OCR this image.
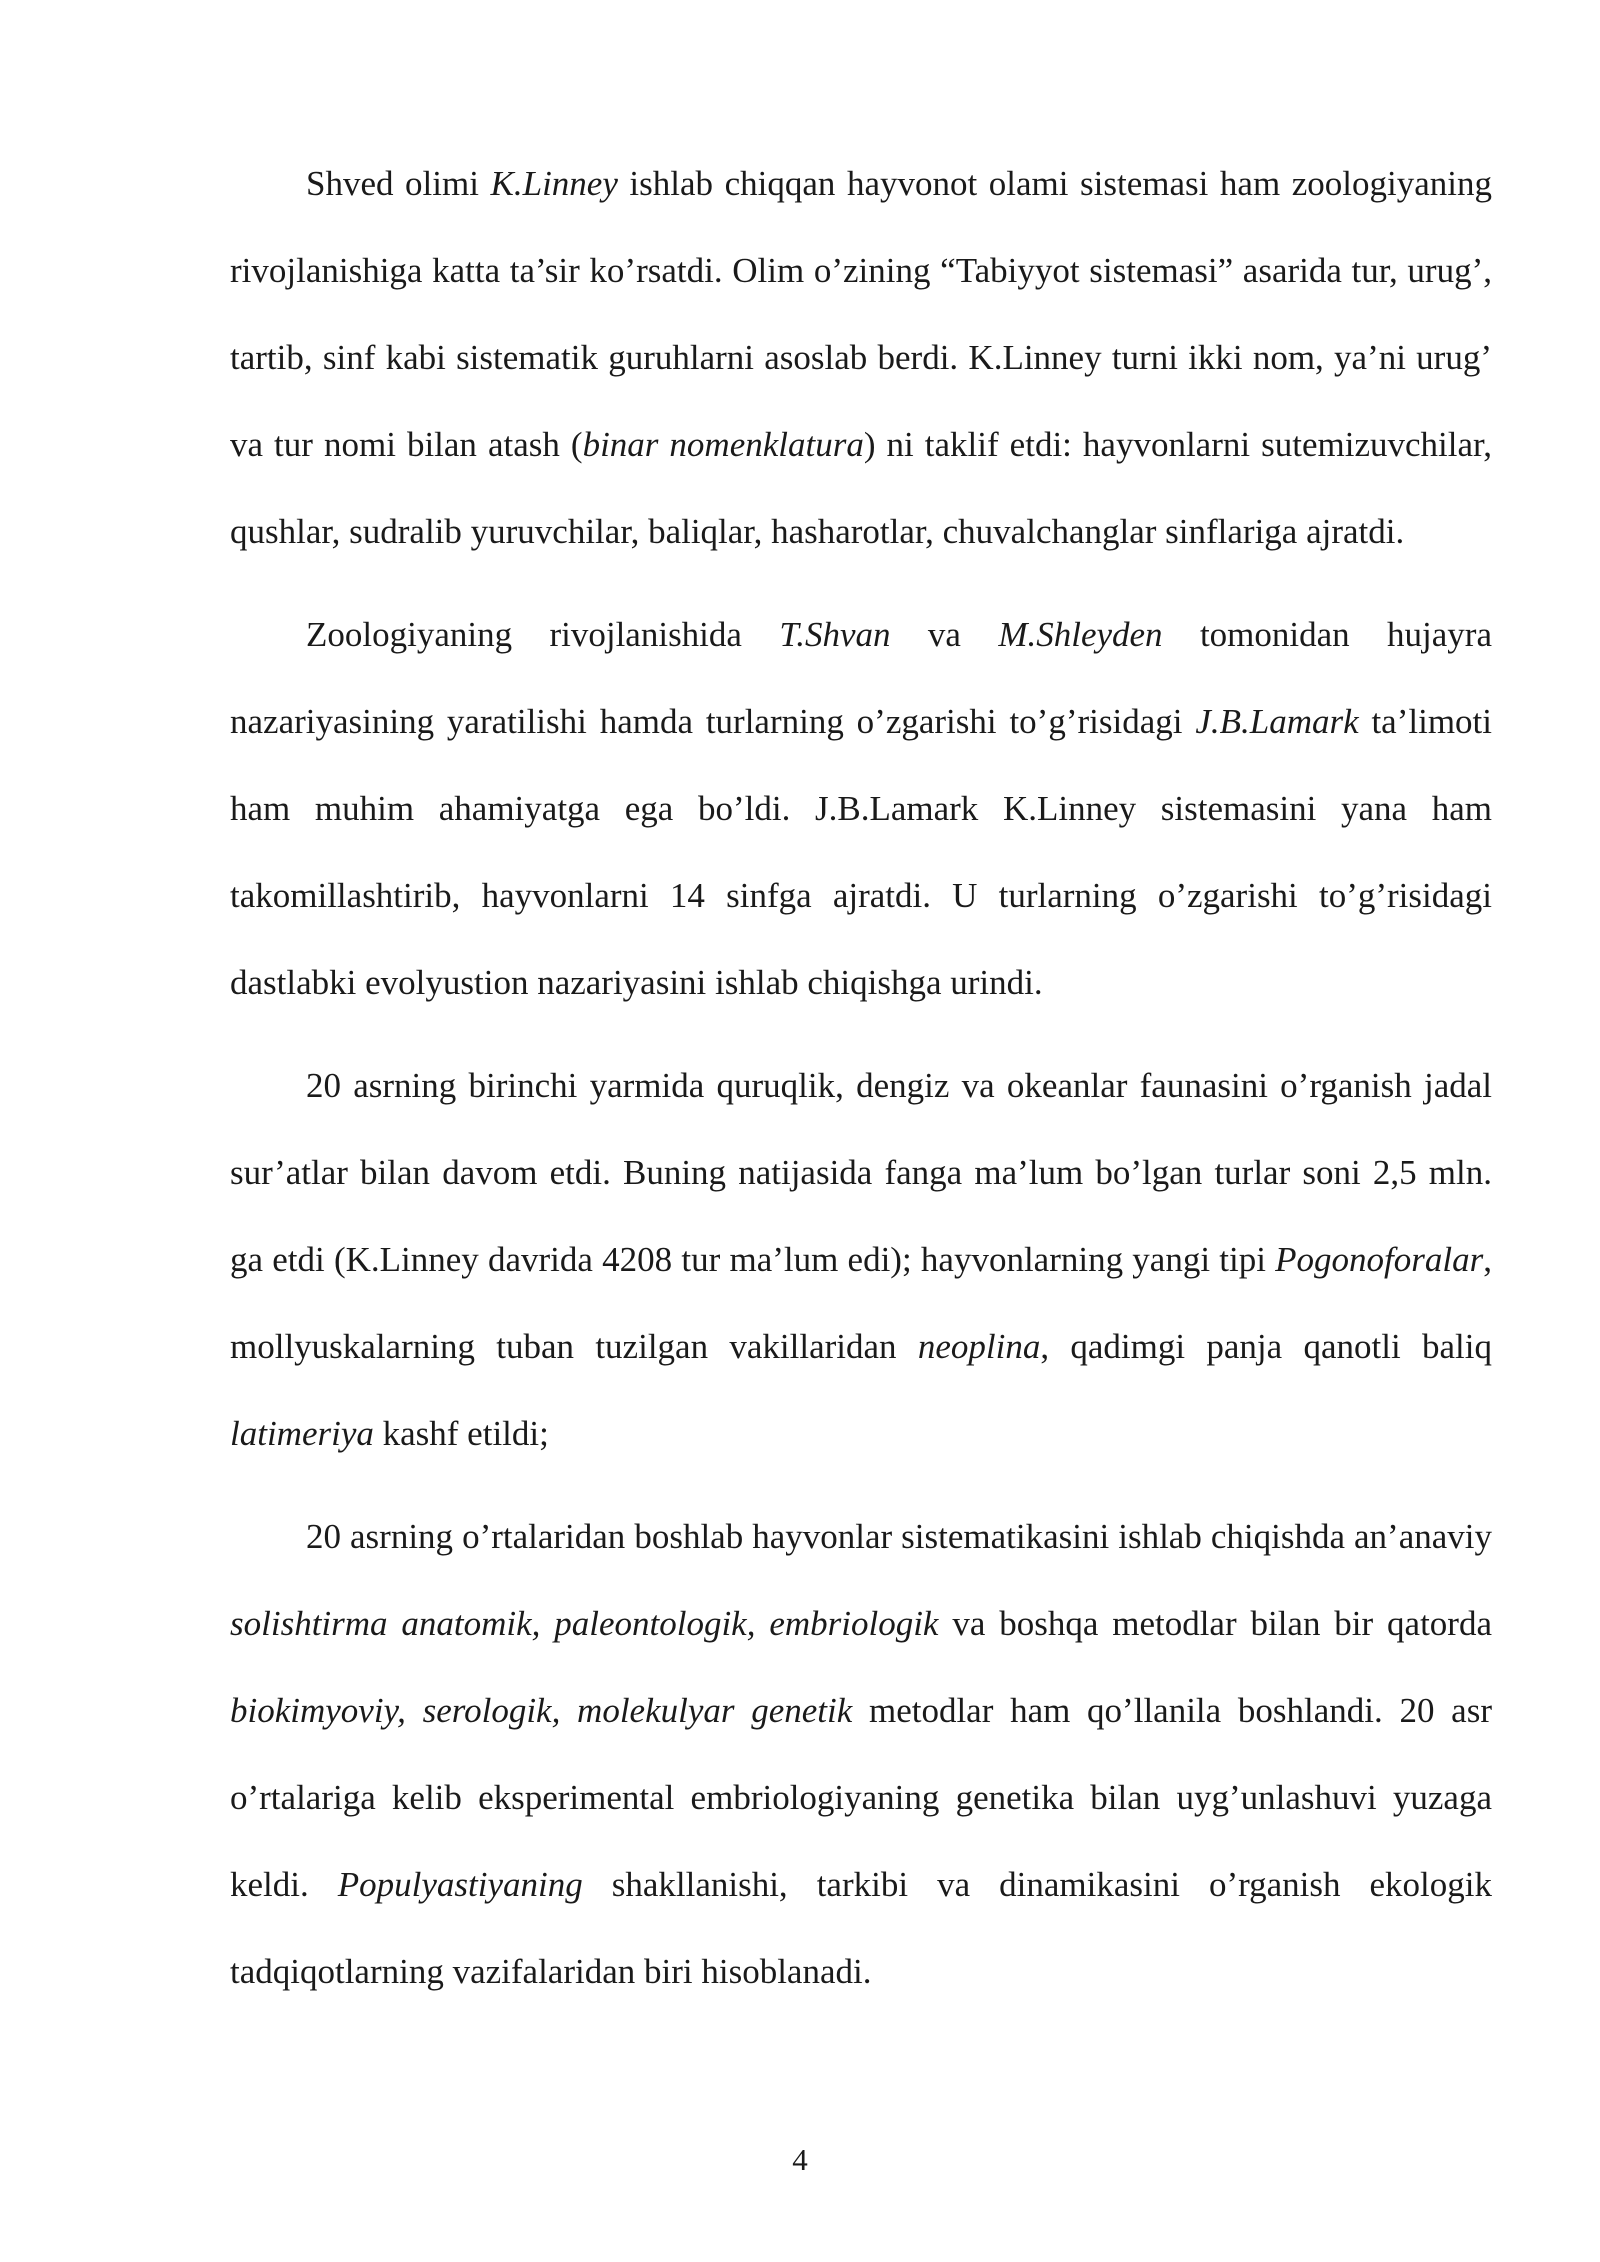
Shved olimi K.Linney ishlab chiqqan hayvonot olami sistemasi ham zoologiyaning rivojlanishiga katta ta’sir ko’rsatdi. Olim o’zining “Tabiyyot sistemasi” asarida tur, urug’, tartib, sinf kabi sistematik guruhlarni asoslab berdi. K.Linney turni ikki nom, ya’ni urug’ va tur nomi bilan atash (binar nomenklatura) ni taklif etdi: hayvonlarni sutemizuvchilar, qushlar, sudralib yuruvchilar, baliqlar, hasharotlar, chuvalchanglar sinflariga ajratdi.

Zoologiyaning rivojlanishida T.Shvan va M.Shleyden tomonidan hujayra nazariyasining yaratilishi hamda turlarning o’zgarishi to’g’risidagi J.B.Lamark ta’limoti ham muhim ahamiyatga ega bo’ldi. J.B.Lamark K.Linney sistemasini yana ham takomillashtirib, hayvonlarni 14 sinfga ajratdi. U turlarning o’zgarishi to’g’risidagi dastlabki evolyustion nazariyasini ishlab chiqishga urindi.

20 asrning birinchi yarmida quruqlik, dengiz va okeanlar faunasini o’rganish jadal sur’atlar bilan davom etdi. Buning natijasida fanga ma’lum bo’lgan turlar soni 2,5 mln. ga etdi (K.Linney davrida 4208 tur ma’lum edi); hayvonlarning yangi tipi Pogonoforalar, mollyuskalarning tuban tuzilgan vakillaridan neoplina, qadimgi panja qanotli baliq latimeriya kashf etildi;

20 asrning o’rtalaridan boshlab hayvonlar sistematikasini ishlab chiqishda an’anaviy solishtirma anatomik, paleontologik, embriologik va boshqa metodlar bilan bir qatorda biokimyoviy, serologik, molekulyar genetik metodlar ham qo’llanila boshlandi. 20 asr o’rtalariga kelib eksperimental embriologiyaning genetika bilan uyg’unlashuvi yuzaga keldi. Populyastiyaning shakllanishi, tarkibi va dinamikasini o’rganish ekologik tadqiqotlarning vazifalaridan biri hisoblanadi.

4
